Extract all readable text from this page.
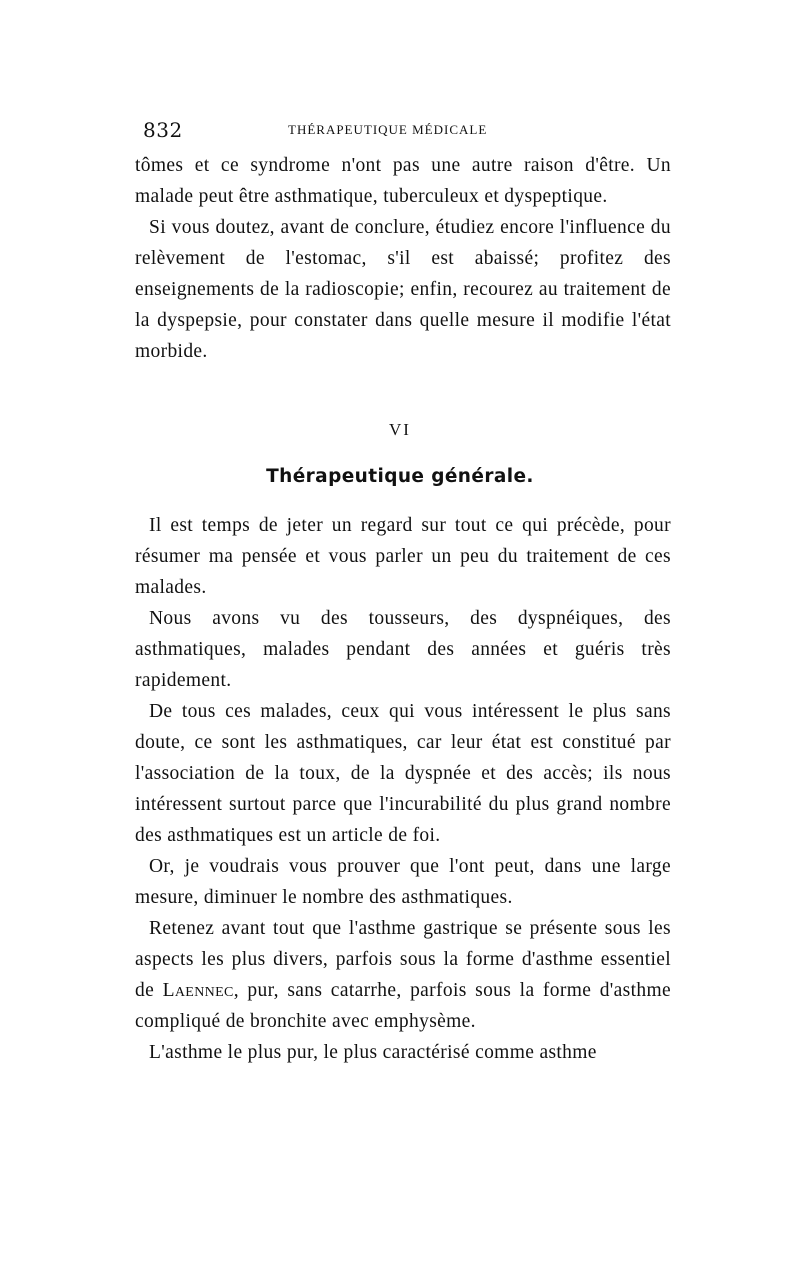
832	THÉRAPEUTIQUE MÉDICALE

tômes et ce syndrome n'ont pas une autre raison d'être. Un malade peut être asthmatique, tuberculeux et dyspeptique.

Si vous doutez, avant de conclure, étudiez encore l'influence du relèvement de l'estomac, s'il est abaissé; profitez des enseignements de la radioscopie; enfin, recourez au traitement de la dyspepsie, pour constater dans quelle mesure il modifie l'état morbide.

VI
Thérapeutique générale.

Il est temps de jeter un regard sur tout ce qui précède, pour résumer ma pensée et vous parler un peu du traitement de ces malades.

Nous avons vu des tousseurs, des dyspnéiques, des asthmatiques, malades pendant des années et guéris très rapidement.

De tous ces malades, ceux qui vous intéressent le plus sans doute, ce sont les asthmatiques, car leur état est constitué par l'association de la toux, de la dyspnée et des accès; ils nous intéressent surtout parce que l'incurabilité du plus grand nombre des asthmatiques est un article de foi.

Or, je voudrais vous prouver que l'ont peut, dans une large mesure, diminuer le nombre des asthmatiques.

Retenez avant tout que l'asthme gastrique se présente sous les aspects les plus divers, parfois sous la forme d'asthme essentiel de Laennec, pur, sans catarrhe, parfois sous la forme d'asthme compliqué de bronchite avec emphysème.

L'asthme le plus pur, le plus caractérisé comme asthme
